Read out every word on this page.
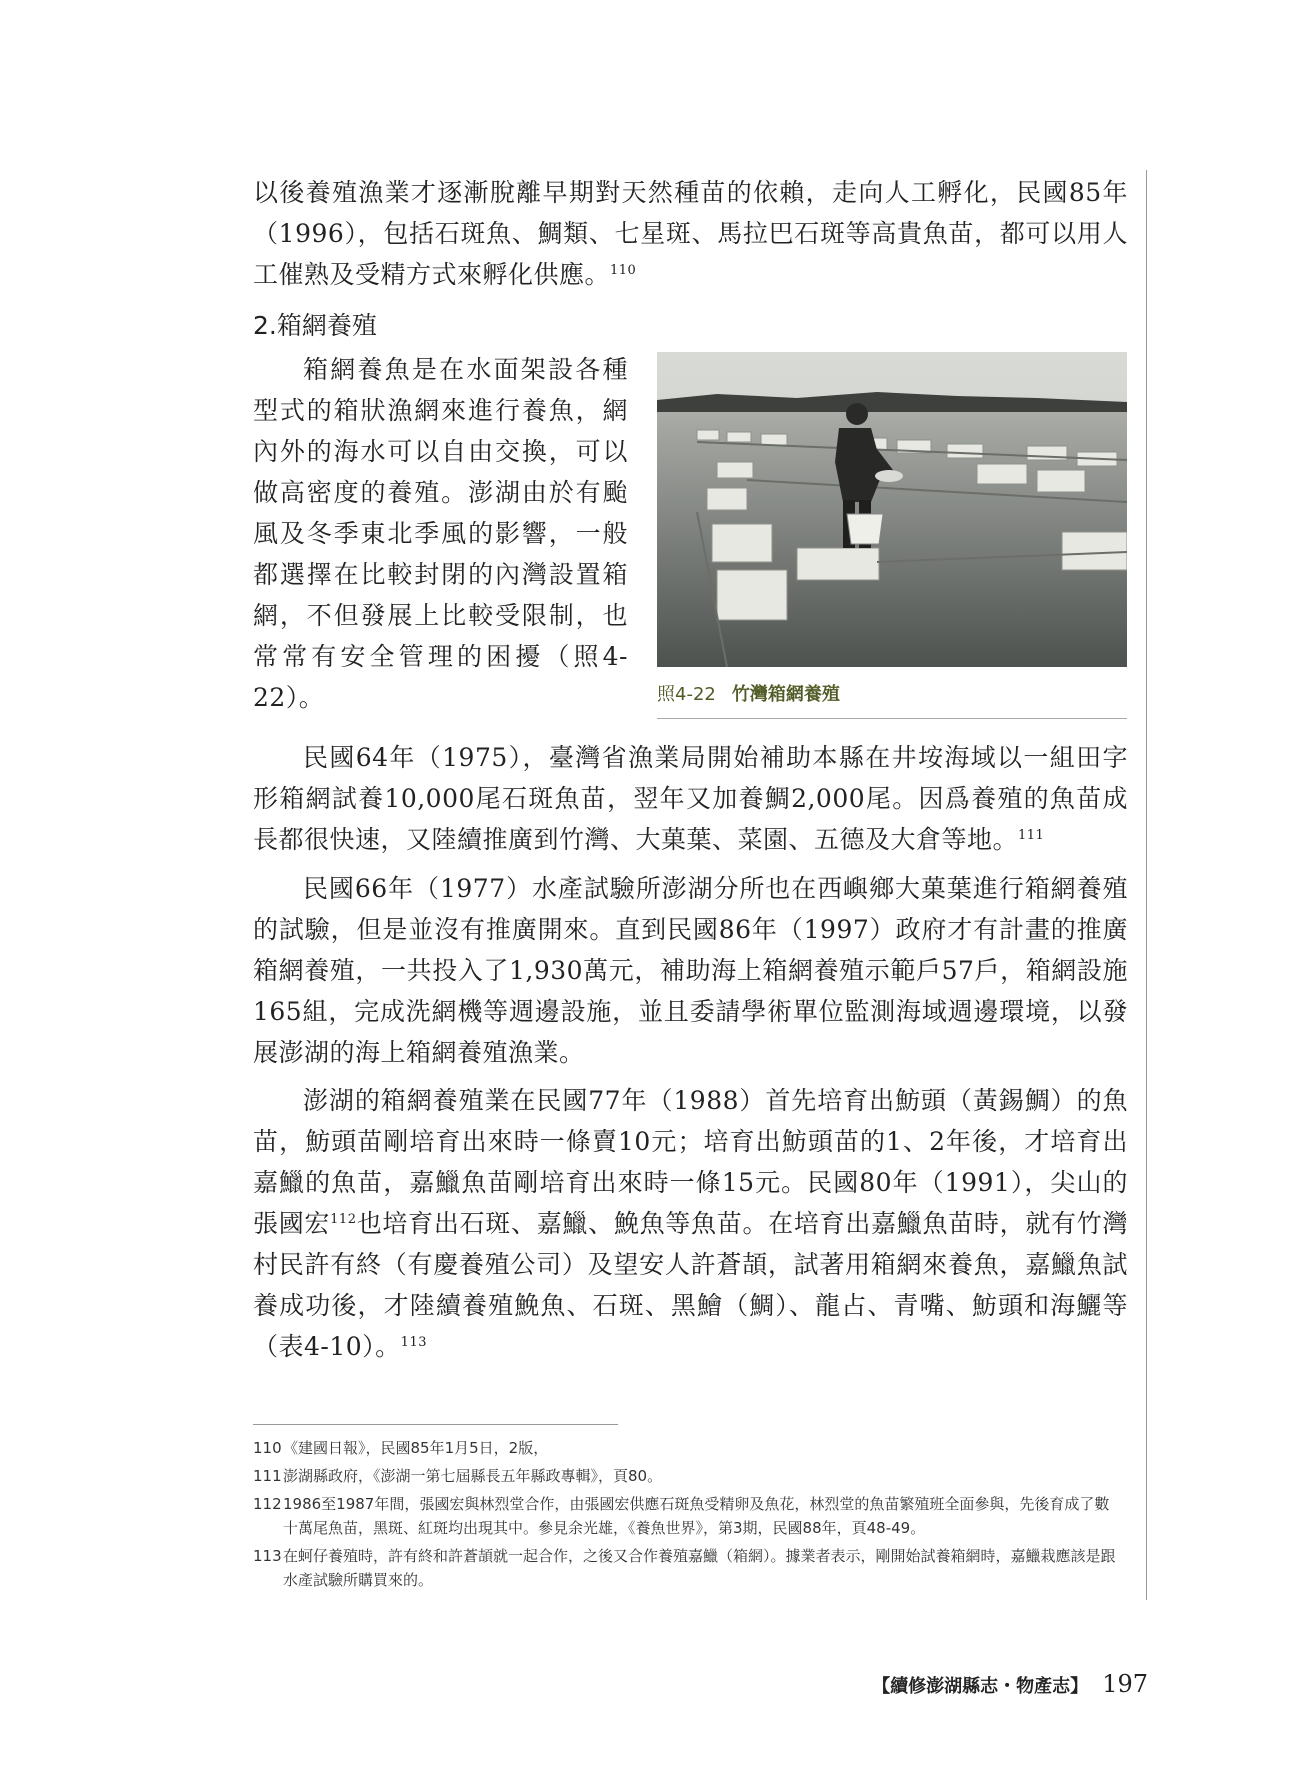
以後養殖漁業才逐漸脫離早期對天然種苗的依賴，走向人工孵化，民國85年（1996），包括石斑魚、鯛類、七星斑、馬拉巴石斑等高貴魚苗，都可以用人工催熟及受精方式來孵化供應。$^{110}$
2.箱網養殖
箱網養魚是在水面架設各種型式的箱狀漁網來進行養魚，網內外的海水可以自由交換，可以做高密度的養殖。澎湖由於有颱風及冬季東北季風的影響，一般都選擇在比較封閉的內灣設置箱網，不但發展上比較受限制，也常常有安全管理的困擾（照4-22）。	照4-22 竹灣箱網養殖
民國64年（1975），臺灣省漁業局開始補助本縣在井垵海域以一組田字形箱網試養10,000尾石斑魚苗，翌年又加養鯛2,000尾。因爲養殖的魚苗成長都很快速，又陸續推廣到竹灣、大菓葉、菜園、五德及大倉等地。$^{111}$
民國66年（1977）水產試驗所澎湖分所也在西嶼鄉大菓葉進行箱網養殖的試驗，但是並沒有推廣開來。直到民國86年（1997）政府才有計畫的推廣箱網養殖，一共投入了1,930萬元，補助海上箱網養殖示範戶57戶，箱網設施165組，完成洗網機等週邊設施，並且委請學術單位監測海域週邊環境，以發展澎湖的海上箱網養殖漁業。
澎湖的箱網養殖業在民國77年（1988）首先培育出魴頭（黃錫鯛）的魚苗，魴頭苗剛培育出來時一條賣10元；培育出魴頭苗的1、2年後，才培育出嘉鱲的魚苗，嘉鱲魚苗剛培育出來時一條15元。民國80年（1991），尖山的張國宏$^{112}$也培育出石斑、嘉鱲、鮸魚等魚苗。在培育出嘉鱲魚苗時，就有竹灣村民許有終（有慶養殖公司）及望安人許蒼頡，試著用箱網來養魚，嘉鱲魚試養成功後，才陸續養殖鮸魚、石斑、黑鱠（鯛）、龍占、青嘴、魴頭和海鱺等（表4-10）。$^{113}$
110《建國日報》，民國85年1月5日，2版，
111澎湖縣政府，《澎湖一第七屆縣長五年縣政專輯》，頁80。
1121986至1987年間，張國宏與林烈堂合作，由張國宏供應石斑魚受精卵及魚花，林烈堂的魚苗繁殖班全面參與，先後育成了數十萬尾魚苗，黑斑、紅斑均出現其中。參見余光雄，《養魚世界》，第3期，民國88年，頁48-49。
113在蚵仔養殖時，許有終和許蒼頡就一起合作，之後又合作養殖嘉鱲（箱網）。據業者表示，剛開始試養箱網時，嘉鱲栽應該是跟水產試驗所購買來的。
【續修澎湖縣志・物產志】 197
